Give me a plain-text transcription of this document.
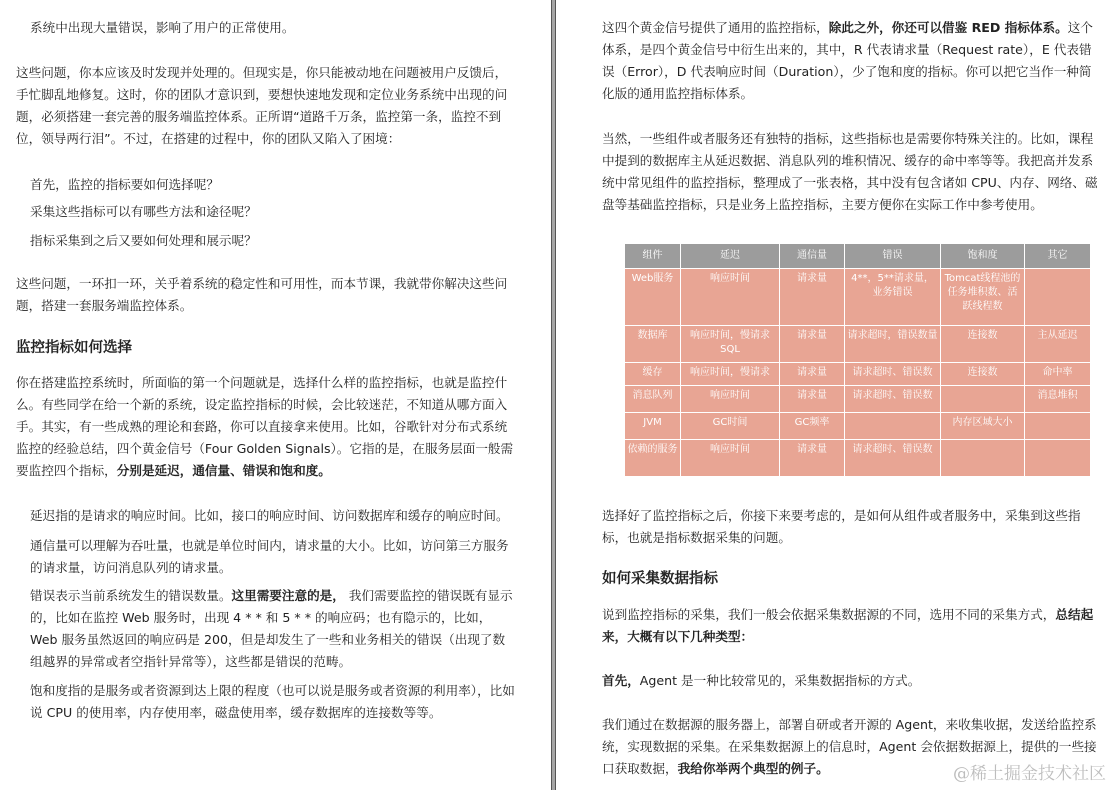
系统中出现大量错误，影响了用户的正常使用。

这些问题，你本应该及时发现并处理的。但现实是，你只能被动地在问题被用户反馈后，手忙脚乱地修复。这时，你的团队才意识到，要想快速地发现和定位业务系统中出现的问题，必须搭建一套完善的服务端监控体系。正所谓“道路千万条，监控第一条，监控不到位，领导两行泪”。不过，在搭建的过程中，你的团队又陷入了困境：

首先，监控的指标要如何选择呢？

采集这些指标可以有哪些方法和途径呢？

指标采集到之后又要如何处理和展示呢？

这些问题，一环扣一环，关乎着系统的稳定性和可用性，而本节课，我就带你解决这些问题，搭建一套服务端监控体系。

监控指标如何选择

你在搭建监控系统时，所面临的第一个问题就是，选择什么样的监控指标，也就是监控什么。有些同学在给一个新的系统，设定监控指标的时候，会比较迷茫，不知道从哪方面入手。其实，有一些成熟的理论和套路，你可以直接拿来使用。比如，谷歌针对分布式系统监控的经验总结，四个黄金信号（Four Golden Signals）。它指的是，在服务层面一般需要监控四个指标，分别是延迟，通信量、错误和饱和度。

延迟指的是请求的响应时间。比如，接口的响应时间、访问数据库和缓存的响应时间。

通信量可以理解为吞吐量，也就是单位时间内，请求量的大小。比如，访问第三方服务的请求量，访问消息队列的请求量。

错误表示当前系统发生的错误数量。这里需要注意的是， 我们需要监控的错误既有显示的，比如在监控 Web 服务时，出现 4 * * 和 5 * * 的响应码；也有隐示的，比如，Web 服务虽然返回的响应码是 200，但是却发生了一些和业务相关的错误（出现了数组越界的异常或者空指针异常等），这些都是错误的范畴。

饱和度指的是服务或者资源到达上限的程度（也可以说是服务或者资源的利用率），比如说 CPU 的使用率，内存使用率，磁盘使用率，缓存数据库的连接数等等。

这四个黄金信号提供了通用的监控指标，除此之外，你还可以借鉴 RED 指标体系。这个体系，是四个黄金信号中衍生出来的，其中，R 代表请求量（Request rate），E 代表错误（Error），D 代表响应时间（Duration），少了饱和度的指标。你可以把它当作一种简化版的通用监控指标体系。

当然，一些组件或者服务还有独特的指标，这些指标也是需要你特殊关注的。比如，课程中提到的数据库主从延迟数据、消息队列的堆积情况、缓存的命中率等等。我把高并发系统中常见组件的监控指标，整理成了一张表格，其中没有包含诸如 CPU、内存、网络、磁盘等基础监控指标，只是业务上监控指标，主要方便你在实际工作中参考使用。

组件	延迟	通信量	错误	饱和度	其它
Web服务	响应时间	请求量	4**，5**请求量，业务错误	Tomcat线程池的任务堆积数、活跃线程数	
数据库	响应时间，慢请求SQL	请求量	请求超时，错误数量	连接数	主从延迟
缓存	响应时间，慢请求	请求量	请求超时、错误数	连接数	命中率
消息队列	响应时间	请求量	请求超时、错误数		消息堆积
JVM	GC时间	GC频率		内存区域大小	
依赖的服务	响应时间	请求量	请求超时、错误数		

选择好了监控指标之后，你接下来要考虑的，是如何从组件或者服务中，采集到这些指标，也就是指标数据采集的问题。

如何采集数据指标

说到监控指标的采集，我们一般会依据采集数据源的不同，选用不同的采集方式，总结起来，大概有以下几种类型：

首先，Agent 是一种比较常见的，采集数据指标的方式。

我们通过在数据源的服务器上，部署自研或者开源的 Agent，来收集收据，发送给监控系统，实现数据的采集。在采集数据源上的信息时，Agent 会依据数据源上，提供的一些接口获取数据，我给你举两个典型的例子。	@稀土掘金技术社区
